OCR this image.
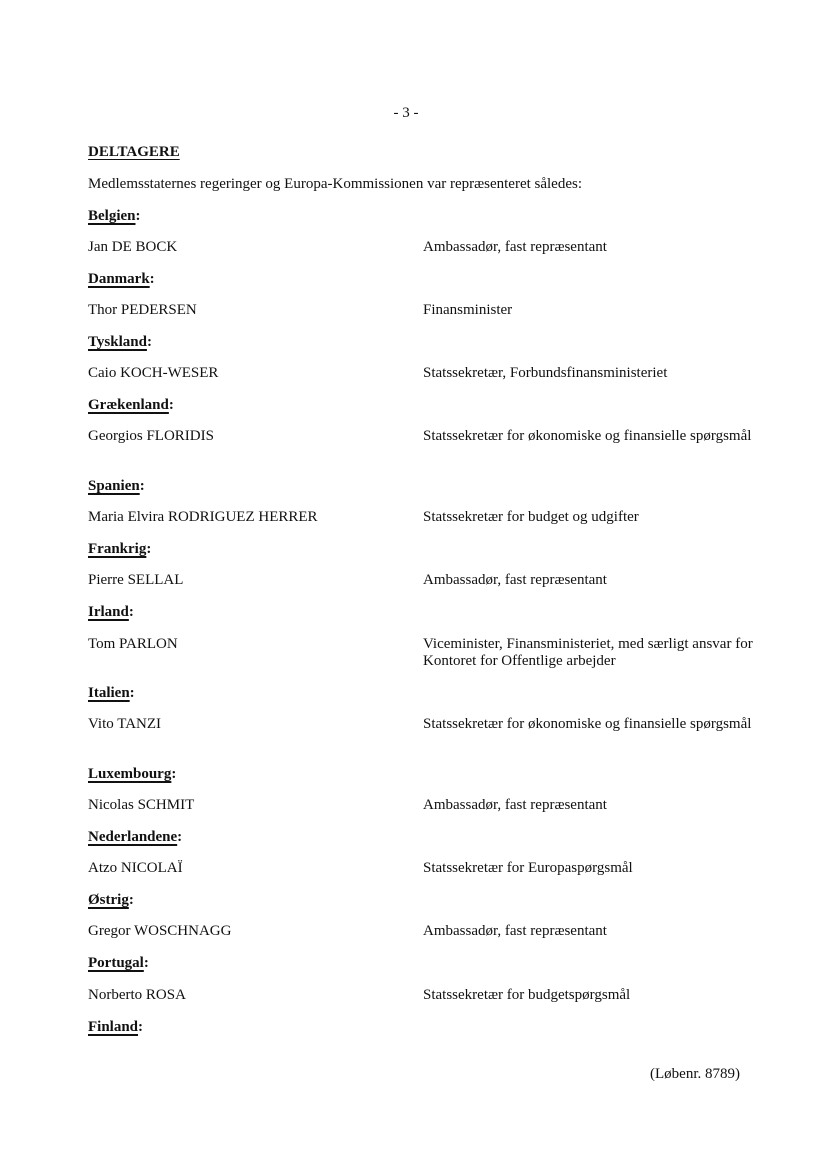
- 3 -
DELTAGERE
Medlemsstaternes regeringer og Europa-Kommissionen var repræsenteret således:
Belgien:
Jan DE BOCK	Ambassadør, fast repræsentant
Danmark:
Thor PEDERSEN	Finansminister
Tyskland:
Caio KOCH-WESER	Statssekretær, Forbundsfinansministeriet
Grækenland:
Georgios FLORIDIS	Statssekretær for økonomiske og finansielle spørgsmål
Spanien:
Maria Elvira RODRIGUEZ HERRER	Statssekretær for budget og udgifter
Frankrig:
Pierre SELLAL	Ambassadør, fast repræsentant
Irland:
Tom PARLON	Viceminister, Finansministeriet, med særligt ansvar for Kontoret for Offentlige arbejder
Italien:
Vito TANZI	Statssekretær for økonomiske og finansielle spørgsmål
Luxembourg:
Nicolas SCHMIT	Ambassadør, fast repræsentant
Nederlandene:
Atzo NICOLAÏ	Statssekretær for Europaspørgsmål
Østrig:
Gregor WOSCHNAGG	Ambassadør, fast repræsentant
Portugal:
Norberto ROSA	Statssekretær for budgetspørgsmål
Finland:
(Løbenr. 8789)
